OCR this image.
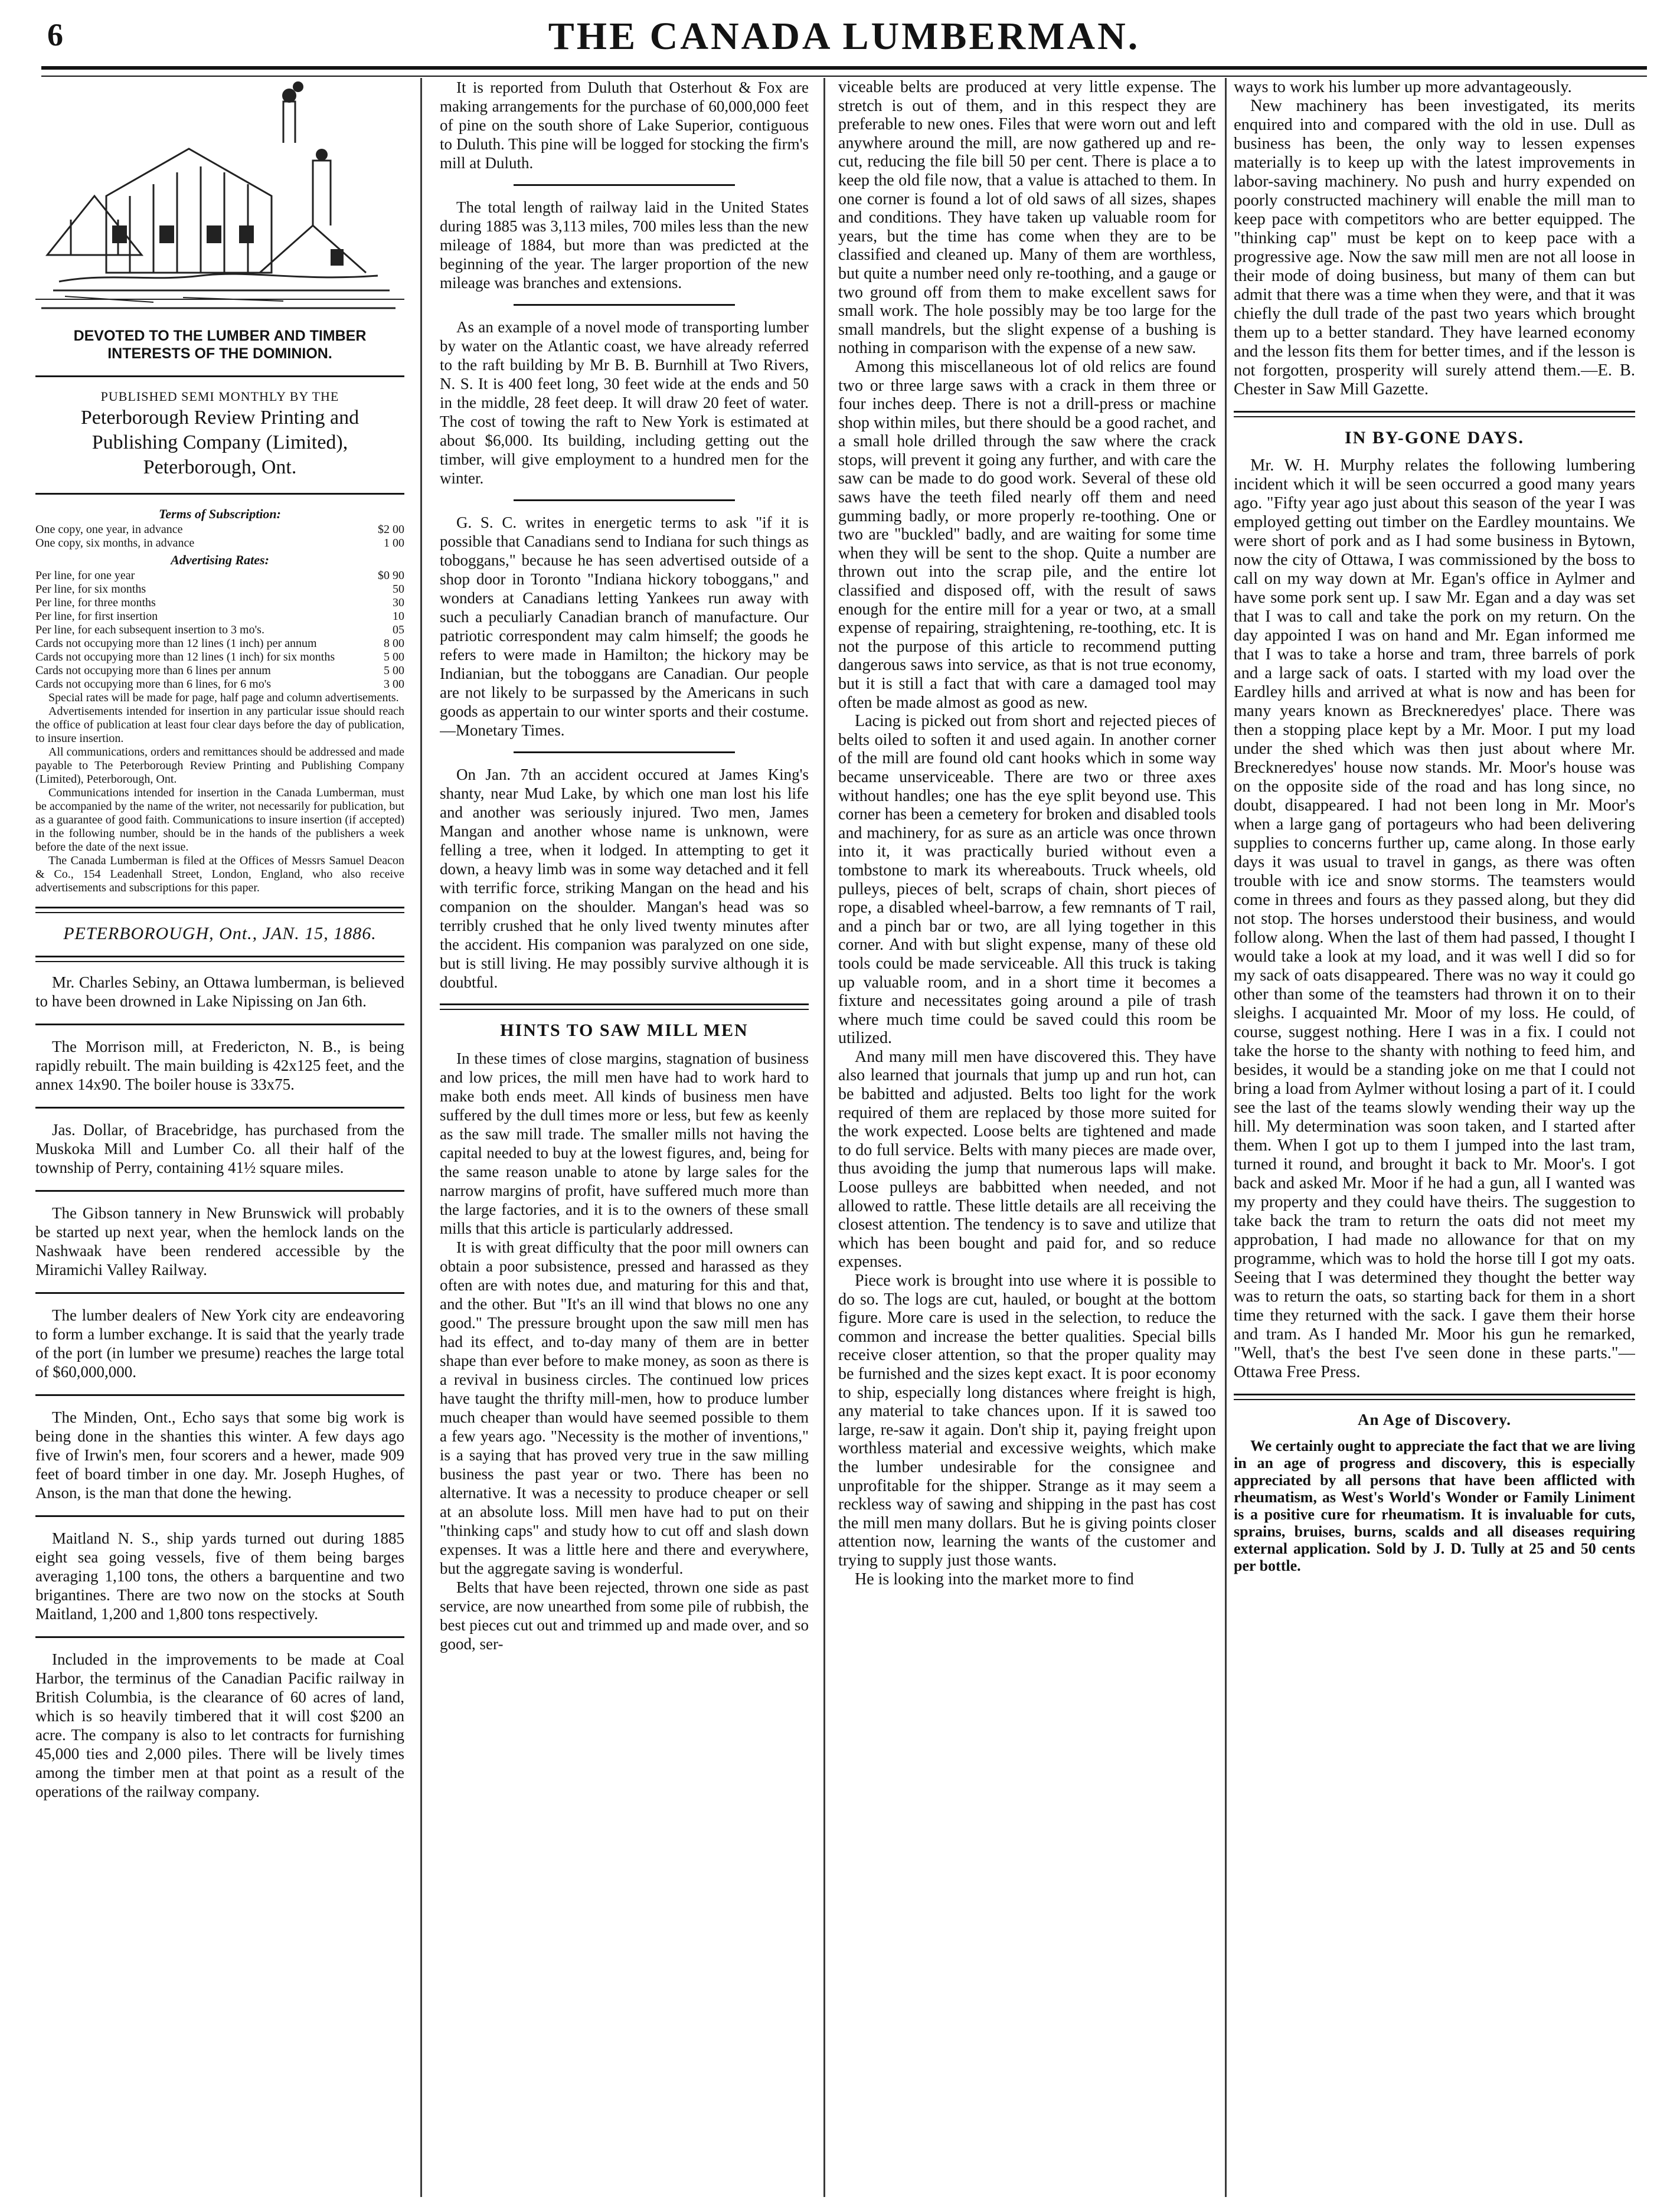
6	THE CANADA LUMBERMAN.
DEVOTED TO THE LUMBER AND TIMBER INTERESTS OF THE DOMINION.
PUBLISHED SEMI MONTHLY BY THE
Peterborough Review Printing and Publishing Company (Limited), Peterborough, Ont.
Terms of Subscription:
One copy, one year, in advance	$2 00
One copy, six months, in advance	1 00
Advertising Rates:
Per line, for one year	$0 90
Per line, for six months	50
Per line, for three months	30
Per line, for first insertion	10
Per line, for each subsequent insertion to 3 mo's.	05
Cards not occupying more than 12 lines (1 inch) per annum	8 00
Cards not occupying more than 12 lines (1 inch) for six months	5 00
Cards not occupying more than 6 lines per annum	5 00
Cards not occupying more than 6 lines, for 6 mo's	3 00

Special rates will be made for page, half page and column advertisements.

Advertisements intended for insertion in any particular issue should reach the office of publication at least four clear days before the day of publication, to insure insertion.

All communications, orders and remittances should be addressed and made payable to The Peterborough Review Printing and Publishing Company (Limited), Peterborough, Ont.

Communications intended for insertion in the Canada Lumberman, must be accompanied by the name of the writer, not necessarily for publication, but as a guarantee of good faith. Communications to insure insertion (if accepted) in the following number, should be in the hands of the publishers a week before the date of the next issue.

The Canada Lumberman is filed at the Offices of Messrs Samuel Deacon & Co., 154 Leadenhall Street, London, England, who also receive advertisements and subscriptions for this paper.

PETERBOROUGH, Ont., JAN. 15, 1886.

Mr. Charles Sebiny, an Ottawa lumberman, is believed to have been drowned in Lake Nipissing on Jan 6th.

The Morrison mill, at Fredericton, N. B., is being rapidly rebuilt. The main building is 42x125 feet, and the annex 14x90. The boiler house is 33x75.

Jas. Dollar, of Bracebridge, has purchased from the Muskoka Mill and Lumber Co. all their half of the township of Perry, containing 41½ square miles.

The Gibson tannery in New Brunswick will probably be started up next year, when the hemlock lands on the Nashwaak have been rendered accessible by the Miramichi Valley Railway.

The lumber dealers of New York city are endeavoring to form a lumber exchange. It is said that the yearly trade of the port (in lumber we presume) reaches the large total of $60,000,000.

The Minden, Ont., Echo says that some big work is being done in the shanties this winter. A few days ago five of Irwin's men, four scorers and a hewer, made 909 feet of board timber in one day. Mr. Joseph Hughes, of Anson, is the man that done the hewing.

Maitland N. S., ship yards turned out during 1885 eight sea going vessels, five of them being barges averaging 1,100 tons, the others a barquentine and two brigantines. There are two now on the stocks at South Maitland, 1,200 and 1,800 tons respectively.

Included in the improvements to be made at Coal Harbor, the terminus of the Canadian Pacific railway in British Columbia, is the clearance of 60 acres of land, which is so heavily timbered that it will cost $200 an acre. The company is also to let contracts for furnishing 45,000 ties and 2,000 piles. There will be lively times among the timber men at that point as a result of the operations of the railway company.

It is reported from Duluth that Osterhout & Fox are making arrangements for the purchase of 60,000,000 feet of pine on the south shore of Lake Superior, contiguous to Duluth. This pine will be logged for stocking the firm's mill at Duluth.

The total length of railway laid in the United States during 1885 was 3,113 miles, 700 miles less than the new mileage of 1884, but more than was predicted at the beginning of the year. The larger proportion of the new mileage was branches and extensions.

As an example of a novel mode of transporting lumber by water on the Atlantic coast, we have already referred to the raft building by Mr B. B. Burnhill at Two Rivers, N. S. It is 400 feet long, 30 feet wide at the ends and 50 in the middle, 28 feet deep. It will draw 20 feet of water. The cost of towing the raft to New York is estimated at about $6,000. Its building, including getting out the timber, will give employment to a hundred men for the winter.

G. S. C. writes in energetic terms to ask "if it is possible that Canadians send to Indiana for such things as toboggans," because he has seen advertised outside of a shop door in Toronto "Indiana hickory toboggans," and wonders at Canadians letting Yankees run away with such a peculiarly Canadian branch of manufacture. Our patriotic correspondent may calm himself; the goods he refers to were made in Hamilton; the hickory may be Indianian, but the toboggans are Canadian. Our people are not likely to be surpassed by the Americans in such goods as appertain to our winter sports and their costume.—Monetary Times.

On Jan. 7th an accident occured at James King's shanty, near Mud Lake, by which one man lost his life and another was seriously injured. Two men, James Mangan and another whose name is unknown, were felling a tree, when it lodged. In attempting to get it down, a heavy limb was in some way detached and it fell with terrific force, striking Mangan on the head and his companion on the shoulder. Mangan's head was so terribly crushed that he only lived twenty minutes after the accident. His companion was paralyzed on one side, but is still living. He may possibly survive although it is doubtful.

HINTS TO SAW MILL MEN

In these times of close margins, stagnation of business and low prices, the mill men have had to work hard to make both ends meet. All kinds of business men have suffered by the dull times more or less, but few as keenly as the saw mill trade. The smaller mills not having the capital needed to buy at the lowest figures, and, being for the same reason unable to atone by large sales for the narrow margins of profit, have suffered much more than the large factories, and it is to the owners of these small mills that this article is particularly addressed.

It is with great difficulty that the poor mill owners can obtain a poor subsistence, pressed and harassed as they often are with notes due, and maturing for this and that, and the other. But "It's an ill wind that blows no one any good." The pressure brought upon the saw mill men has had its effect, and to-day many of them are in better shape than ever before to make money, as soon as there is a revival in business circles. The continued low prices have taught the thrifty mill-men, how to produce lumber much cheaper than would have seemed possible to them a few years ago. "Necessity is the mother of inventions," is a saying that has proved very true in the saw milling business the past year or two. There has been no alternative. It was a necessity to produce cheaper or sell at an absolute loss. Mill men have had to put on their "thinking caps" and study how to cut off and slash down expenses. It was a little here and there and everywhere, but the aggregate saving is wonderful.

Belts that have been rejected, thrown one side as past service, are now unearthed from some pile of rubbish, the best pieces cut out and trimmed up and made over, and so good, ser-

viceable belts are produced at very little expense. The stretch is out of them, and in this respect they are preferable to new ones. Files that were worn out and left anywhere around the mill, are now gathered up and re-cut, reducing the file bill 50 per cent. There is place a to keep the old file now, that a value is attached to them. In one corner is found a lot of old saws of all sizes, shapes and conditions. They have taken up valuable room for years, but the time has come when they are to be classified and cleaned up. Many of them are worthless, but quite a number need only re-toothing, and a gauge or two ground off from them to make excellent saws for small work. The hole possibly may be too large for the small mandrels, but the slight expense of a bushing is nothing in comparison with the expense of a new saw.

Among this miscellaneous lot of old relics are found two or three large saws with a crack in them three or four inches deep. There is not a drill-press or machine shop within miles, but there should be a good rachet, and a small hole drilled through the saw where the crack stops, will prevent it going any further, and with care the saw can be made to do good work. Several of these old saws have the teeth filed nearly off them and need gumming badly, or more properly re-toothing. One or two are "buckled" badly, and are waiting for some time when they will be sent to the shop. Quite a number are thrown out into the scrap pile, and the entire lot classified and disposed off, with the result of saws enough for the entire mill for a year or two, at a small expense of repairing, straightening, re-toothing, etc. It is not the purpose of this article to recommend putting dangerous saws into service, as that is not true economy, but it is still a fact that with care a damaged tool may often be made almost as good as new.

Lacing is picked out from short and rejected pieces of belts oiled to soften it and used again. In another corner of the mill are found old cant hooks which in some way became unserviceable. There are two or three axes without handles; one has the eye split beyond use. This corner has been a cemetery for broken and disabled tools and machinery, for as sure as an article was once thrown into it, it was practically buried without even a tombstone to mark its whereabouts. Truck wheels, old pulleys, pieces of belt, scraps of chain, short pieces of rope, a disabled wheel-barrow, a few remnants of T rail, and a pinch bar or two, are all lying together in this corner. And with but slight expense, many of these old tools could be made serviceable. All this truck is taking up valuable room, and in a short time it becomes a fixture and necessitates going around a pile of trash where much time could be saved could this room be utilized.

And many mill men have discovered this. They have also learned that journals that jump up and run hot, can be babitted and adjusted. Belts too light for the work required of them are replaced by those more suited for the work expected. Loose belts are tightened and made to do full service. Belts with many pieces are made over, thus avoiding the jump that numerous laps will make. Loose pulleys are babbitted when needed, and not allowed to rattle. These little details are all receiving the closest attention. The tendency is to save and utilize that which has been bought and paid for, and so reduce expenses.

Piece work is brought into use where it is possible to do so. The logs are cut, hauled, or bought at the bottom figure. More care is used in the selection, to reduce the common and increase the better qualities. Special bills receive closer attention, so that the proper quality may be furnished and the sizes kept exact. It is poor economy to ship, especially long distances where freight is high, any material to take chances upon. If it is sawed too large, re-saw it again. Don't ship it, paying freight upon worthless material and excessive weights, which make the lumber undesirable for the consignee and unprofitable for the shipper. Strange as it may seem a reckless way of sawing and shipping in the past has cost the mill men many dollars. But he is giving points closer attention now, learning the wants of the customer and trying to supply just those wants.

He is looking into the market more to find

ways to work his lumber up more advantageously.

New machinery has been investigated, its merits enquired into and compared with the old in use. Dull as business has been, the only way to lessen expenses materially is to keep up with the latest improvements in labor-saving machinery. No push and hurry expended on poorly constructed machinery will enable the mill man to keep pace with competitors who are better equipped. The "thinking cap" must be kept on to keep pace with a progressive age. Now the saw mill men are not all loose in their mode of doing business, but many of them can but admit that there was a time when they were, and that it was chiefly the dull trade of the past two years which brought them up to a better standard. They have learned economy and the lesson fits them for better times, and if the lesson is not forgotten, prosperity will surely attend them.—E. B. Chester in Saw Mill Gazette.

IN BY-GONE DAYS.

Mr. W. H. Murphy relates the following lumbering incident which it will be seen occurred a good many years ago. "Fifty year ago just about this season of the year I was employed getting out timber on the Eardley mountains. We were short of pork and as I had some business in Bytown, now the city of Ottawa, I was commissioned by the boss to call on my way down at Mr. Egan's office in Aylmer and have some pork sent up. I saw Mr. Egan and a day was set that I was to call and take the pork on my return. On the day appointed I was on hand and Mr. Egan informed me that I was to take a horse and tram, three barrels of pork and a large sack of oats. I started with my load over the Eardley hills and arrived at what is now and has been for many years known as Breckneredyes' place. There was then a stopping place kept by a Mr. Moor. I put my load under the shed which was then just about where Mr. Breckneredyes' house now stands. Mr. Moor's house was on the opposite side of the road and has long since, no doubt, disappeared. I had not been long in Mr. Moor's when a large gang of portageurs who had been delivering supplies to concerns further up, came along. In those early days it was usual to travel in gangs, as there was often trouble with ice and snow storms. The teamsters would come in threes and fours as they passed along, but they did not stop. The horses understood their business, and would follow along. When the last of them had passed, I thought I would take a look at my load, and it was well I did so for my sack of oats disappeared. There was no way it could go other than some of the teamsters had thrown it on to their sleighs. I acquainted Mr. Moor of my loss. He could, of course, suggest nothing. Here I was in a fix. I could not take the horse to the shanty with nothing to feed him, and besides, it would be a standing joke on me that I could not bring a load from Aylmer without losing a part of it. I could see the last of the teams slowly wending their way up the hill. My determination was soon taken, and I started after them. When I got up to them I jumped into the last tram, turned it round, and brought it back to Mr. Moor's. I got back and asked Mr. Moor if he had a gun, all I wanted was my property and they could have theirs. The suggestion to take back the tram to return the oats did not meet my approbation, I had made no allowance for that on my programme, which was to hold the horse till I got my oats. Seeing that I was determined they thought the better way was to return the oats, so starting back for them in a short time they returned with the sack. I gave them their horse and tram. As I handed Mr. Moor his gun he remarked, "Well, that's the best I've seen done in these parts."—Ottawa Free Press.

An Age of Discovery.

We certainly ought to appreciate the fact that we are living in an age of progress and discovery, this is especially appreciated by all persons that have been afflicted with rheumatism, as West's World's Wonder or Family Liniment is a positive cure for rheumatism. It is invaluable for cuts, sprains, bruises, burns, scalds and all diseases requiring external application. Sold by J. D. Tully at 25 and 50 cents per bottle.
